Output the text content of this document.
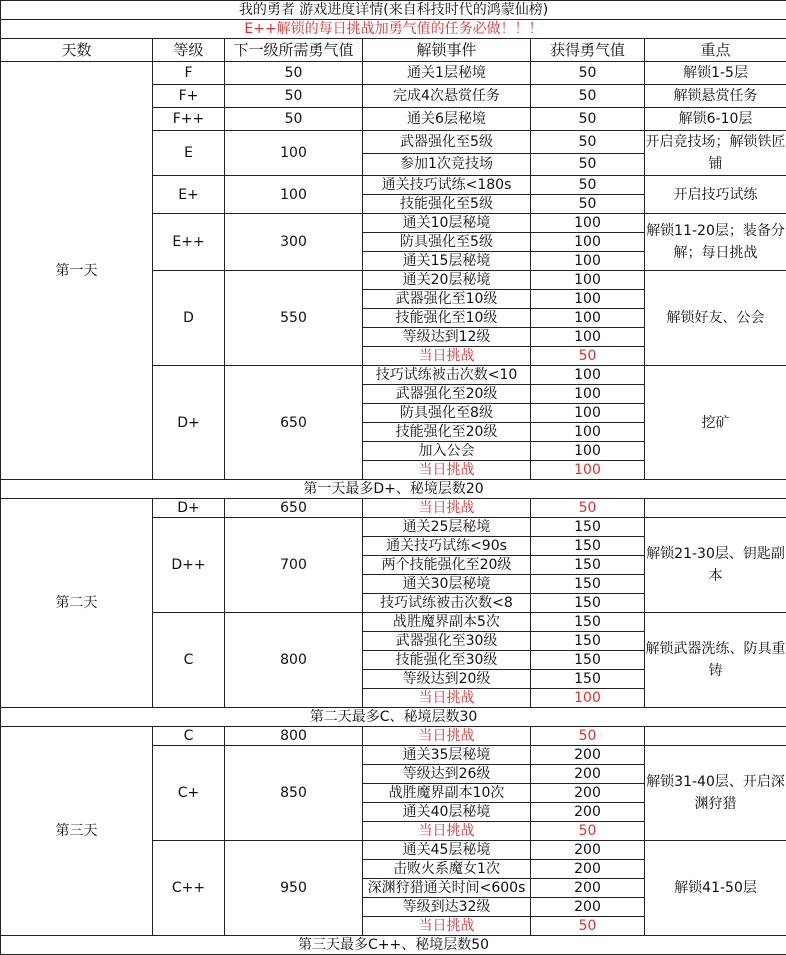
我的勇者 游戏进度详情(来自科技时代的鸿蒙仙榜)					
E++解锁的每日挑战加勇气值的任务必做！！！					
天数	等级	下一级所需勇气值	解锁事件	获得勇气值	重点
第一天	F	50	通关1层秘境	50	解锁1-5层
	F+	50	完成4次悬赏任务	50	解锁悬赏任务
	F++	50	通关6层秘境	50	解锁6-10层
	E	100	武器强化至5级	50	开启竞技场；解锁铁匠铺
			参加1次竞技场	50	
	E+	100	通关技巧试练<180s	50	开启技巧试练
			技能强化至5级	50	
	E++	300	通关10层秘境	100	解锁11-20层；装备分解；每日挑战
			防具强化至5级	100	
			通关15层秘境	100	
	D	550	通关20层秘境	100	解锁好友、公会
			武器强化至10级	100	
			技能强化至10级	100	
			等级达到12级	100	
			当日挑战	50	
	D+	650	技巧试练被击次数<10	100	挖矿
			武器强化至20级	100	
			防具强化至8级	100	
			技能强化至20级	100	
			加入公会	100	
			当日挑战	100	
第一天最多D+、秘境层数20					
第二天	D+	650	当日挑战	50	
	D++	700	通关25层秘境	150	解锁21-30层、钥匙副本
			通关技巧试练<90s	150	
			两个技能强化至20级	150	
			通关30层秘境	150	
			技巧试练被击次数<8	150	
	C	800	战胜魔界副本5次	150	解锁武器洗练、防具重铸
			武器强化至30级	150	
			技能强化至30级	150	
			等级达到20级	150	
			当日挑战	100	
第二天最多C、秘境层数30					
第三天	C	800	当日挑战	50	
	C+	850	通关35层秘境	200	解锁31-40层、开启深渊狩猎
			等级达到26级	200	
			战胜魔界副本10次	200	
			通关40层秘境	200	
			当日挑战	50	
	C++	950	通关45层秘境	200	解锁41-50层
			击败火系魔女1次	200	
			深渊狩猎通关时间<600s	200	
			等级到达32级	200	
			当日挑战	50	
第三天最多C++、秘境层数50					
